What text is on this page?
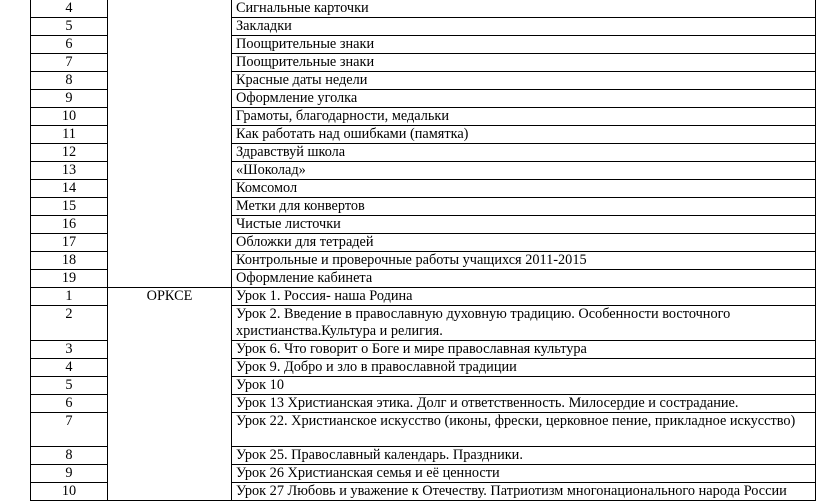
4		Сигнальные карточки
5		Закладки
6		Поощрительные знаки
7		Поощрительные знаки
8		Красные даты недели
9		Оформление уголка
10		Грамоты, благодарности, медальки
11		Как работать над ошибками (памятка)
12		Здравствуй школа
13		«Шоколад»
14		Комсомол
15		Метки для конвертов
16		Чистые листочки
17		Обложки для тетрадей
18		Контрольные и проверочные работы учащихся 2011-2015
19		Оформление кабинета
1	ОРКСЕ	Урок 1. Россия- наша Родина
2		Урок 2. Введение в православную духовную традицию. Особенности восточного христианства.Культура и религия.
3		Урок 6. Что говорит о Боге и мире православная культура
4		Урок 9. Добро и зло в православной традиции
5		Урок 10
6		Урок 13 Христианская этика. Долг и ответственность. Милосердие и сострадание.
7		Урок 22. Христианское искусство (иконы, фрески, церковное пение, прикладное искусство)
8		Урок 25. Православный календарь. Праздники.
9		Урок 26 Христианская семья и её ценности
10		Урок 27 Любовь и уважение к Отечеству. Патриотизм многонационального народа России
